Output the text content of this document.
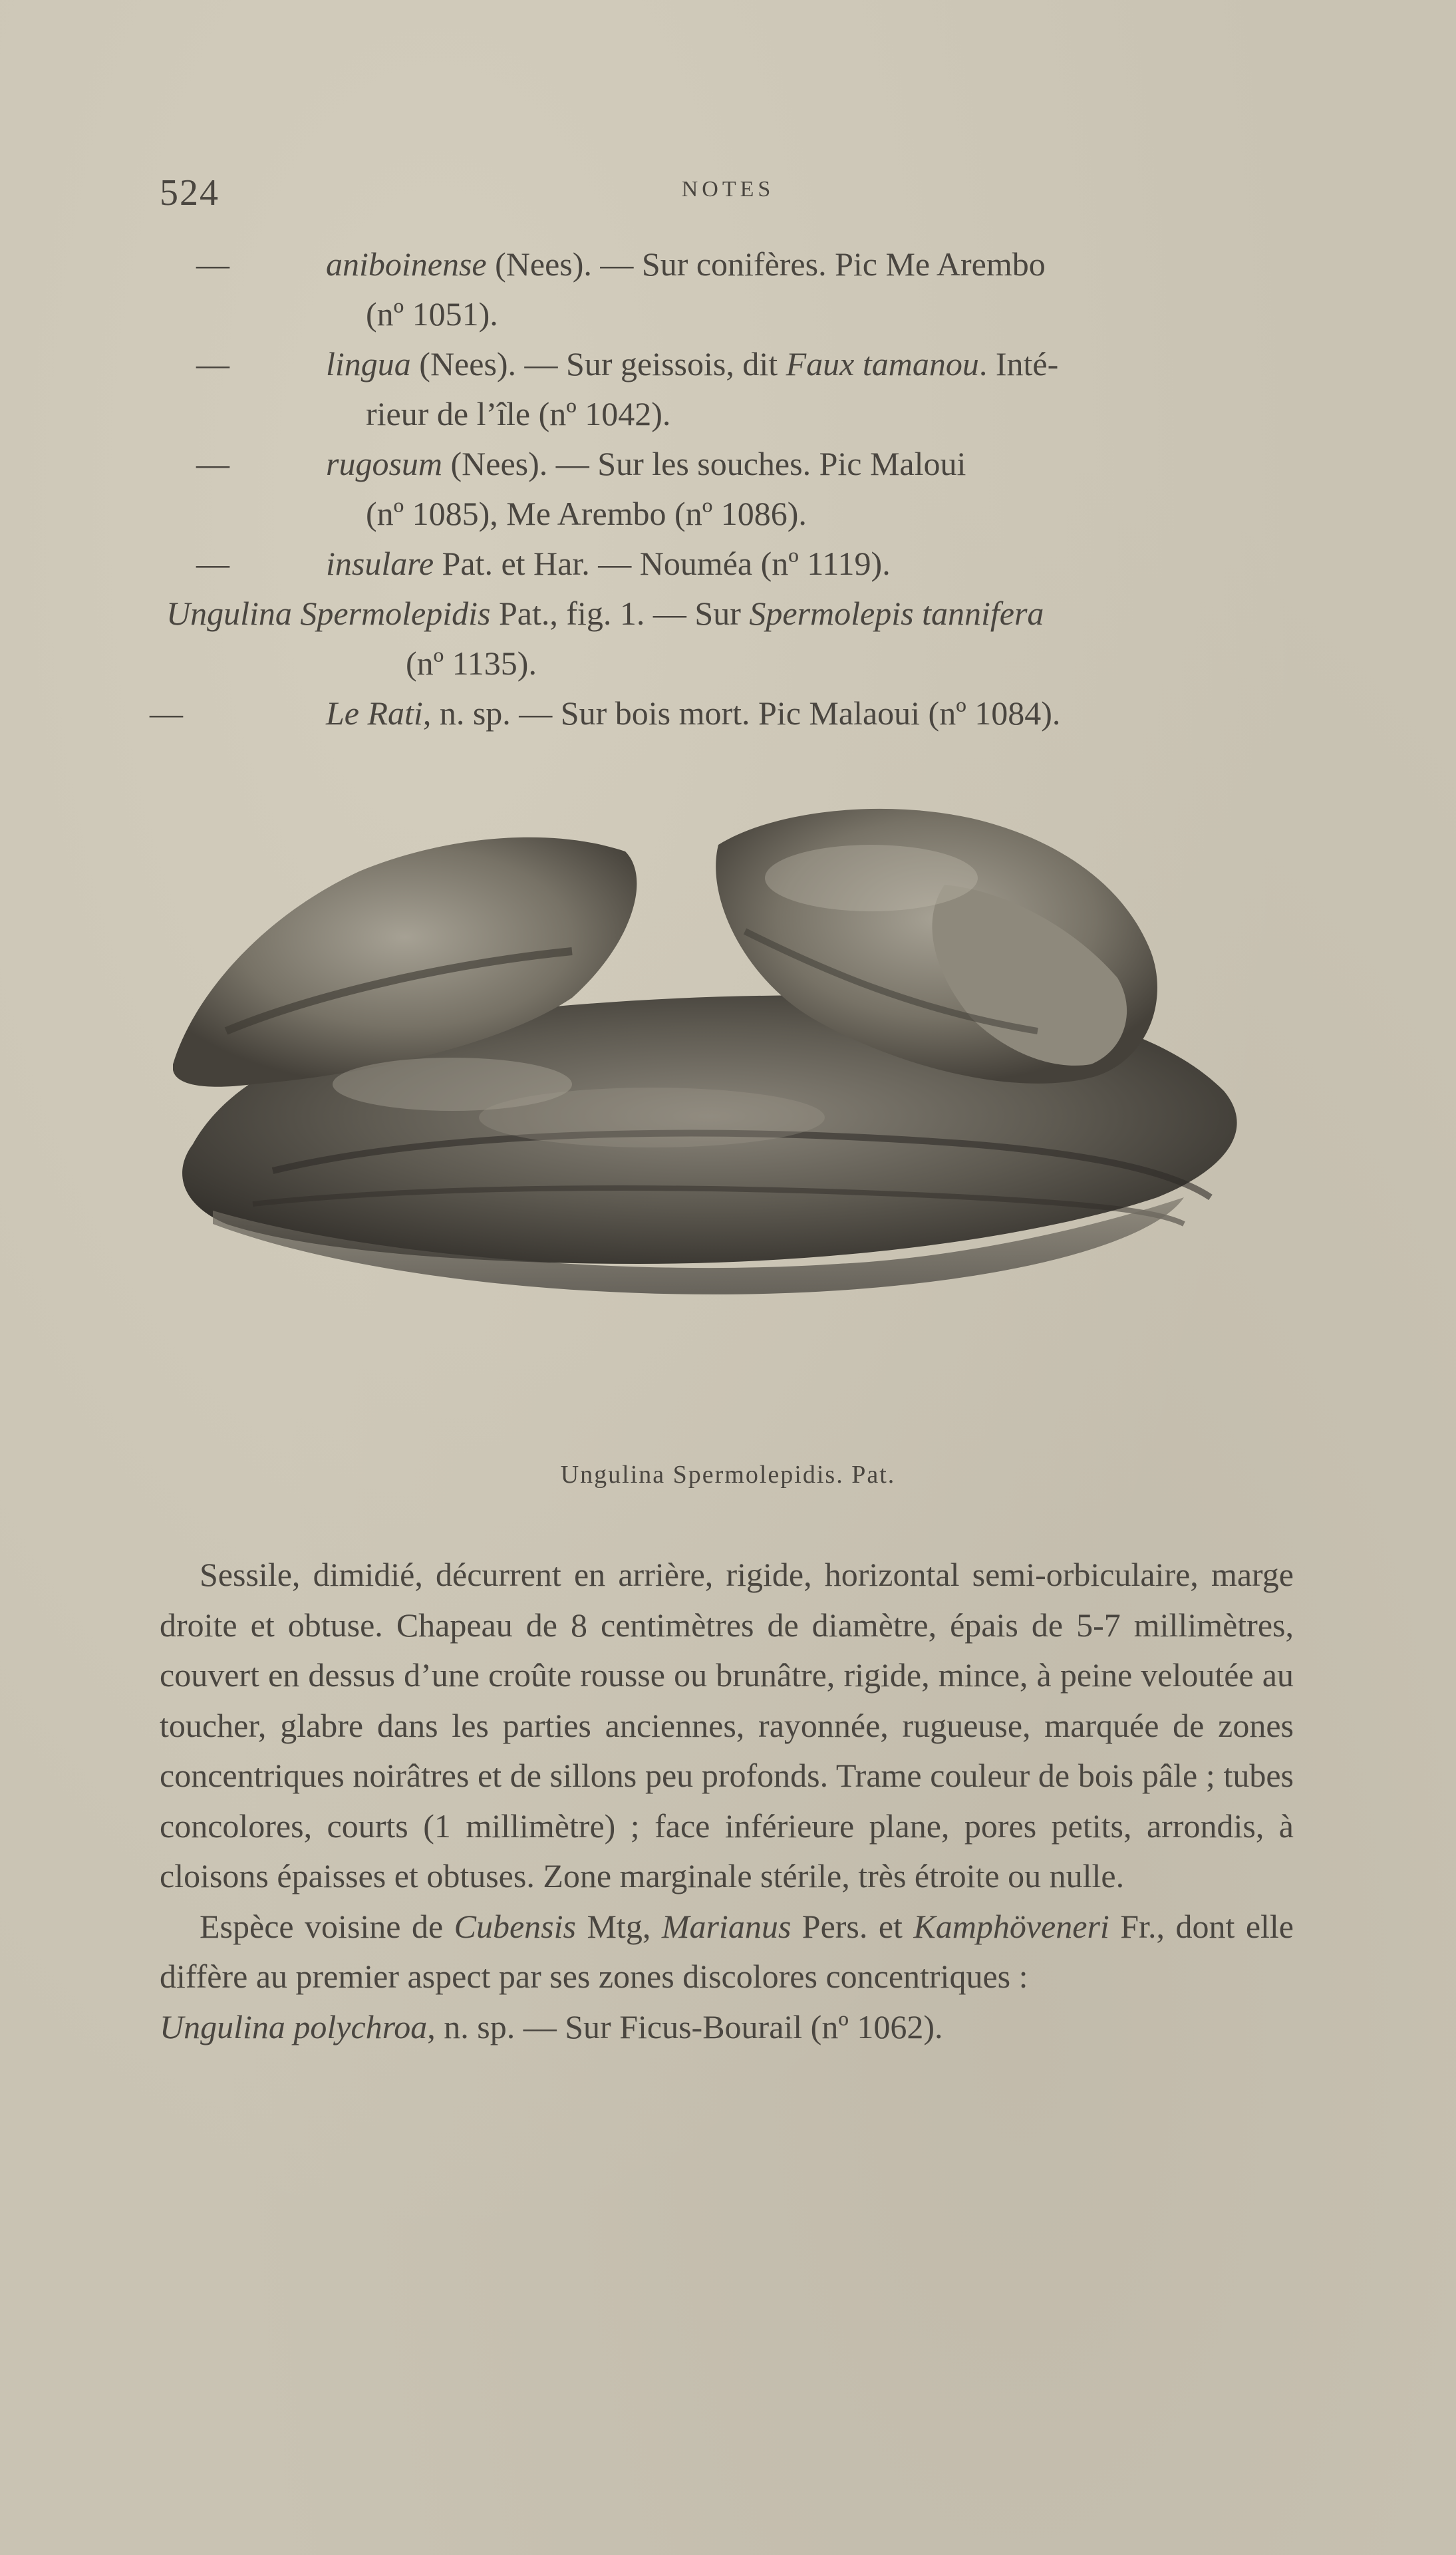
524	NOTES
—	aniboinense (Nees). — Sur conifères. Pic Me Arembo
(nº 1051).
—	lingua (Nees). — Sur geissois, dit Faux tamanou. Inté-
rieur de l’île (nº 1042).
—	rugosum (Nees). — Sur les souches. Pic Maloui
(nº 1085), Me Arembo (nº 1086).
—	insulare Pat. et Har. — Nouméa (nº 1119).
Ungulina Spermolepidis Pat., fig. 1. — Sur Spermolepis tannifera
(nº 1135).
—	Le Rati, n. sp. — Sur bois mort. Pic Malaoui (nº 1084).
Ungulina Spermolepidis. Pat.

Sessile, dimidié, décurrent en arrière, rigide, horizontal semi-orbiculaire, marge droite et obtuse. Chapeau de 8 centimètres de diamètre, épais de 5-7 millimètres, couvert en dessus d’une croûte rousse ou brunâtre, rigide, mince, à peine veloutée au toucher, glabre dans les parties anciennes, rayonnée, rugueuse, marquée de zones concentriques noirâtres et de sillons peu profonds. Trame couleur de bois pâle ; tubes concolores, courts (1 millimètre) ; face inférieure plane, pores petits, arrondis, à cloisons épaisses et obtuses. Zone marginale stérile, très étroite ou nulle.

Espèce voisine de Cubensis Mtg, Marianus Pers. et Kamphöveneri Fr., dont elle diffère au premier aspect par ses zones discolores concentriques :

Ungulina polychroa, n. sp. — Sur Ficus-Bourail (nº 1062).
